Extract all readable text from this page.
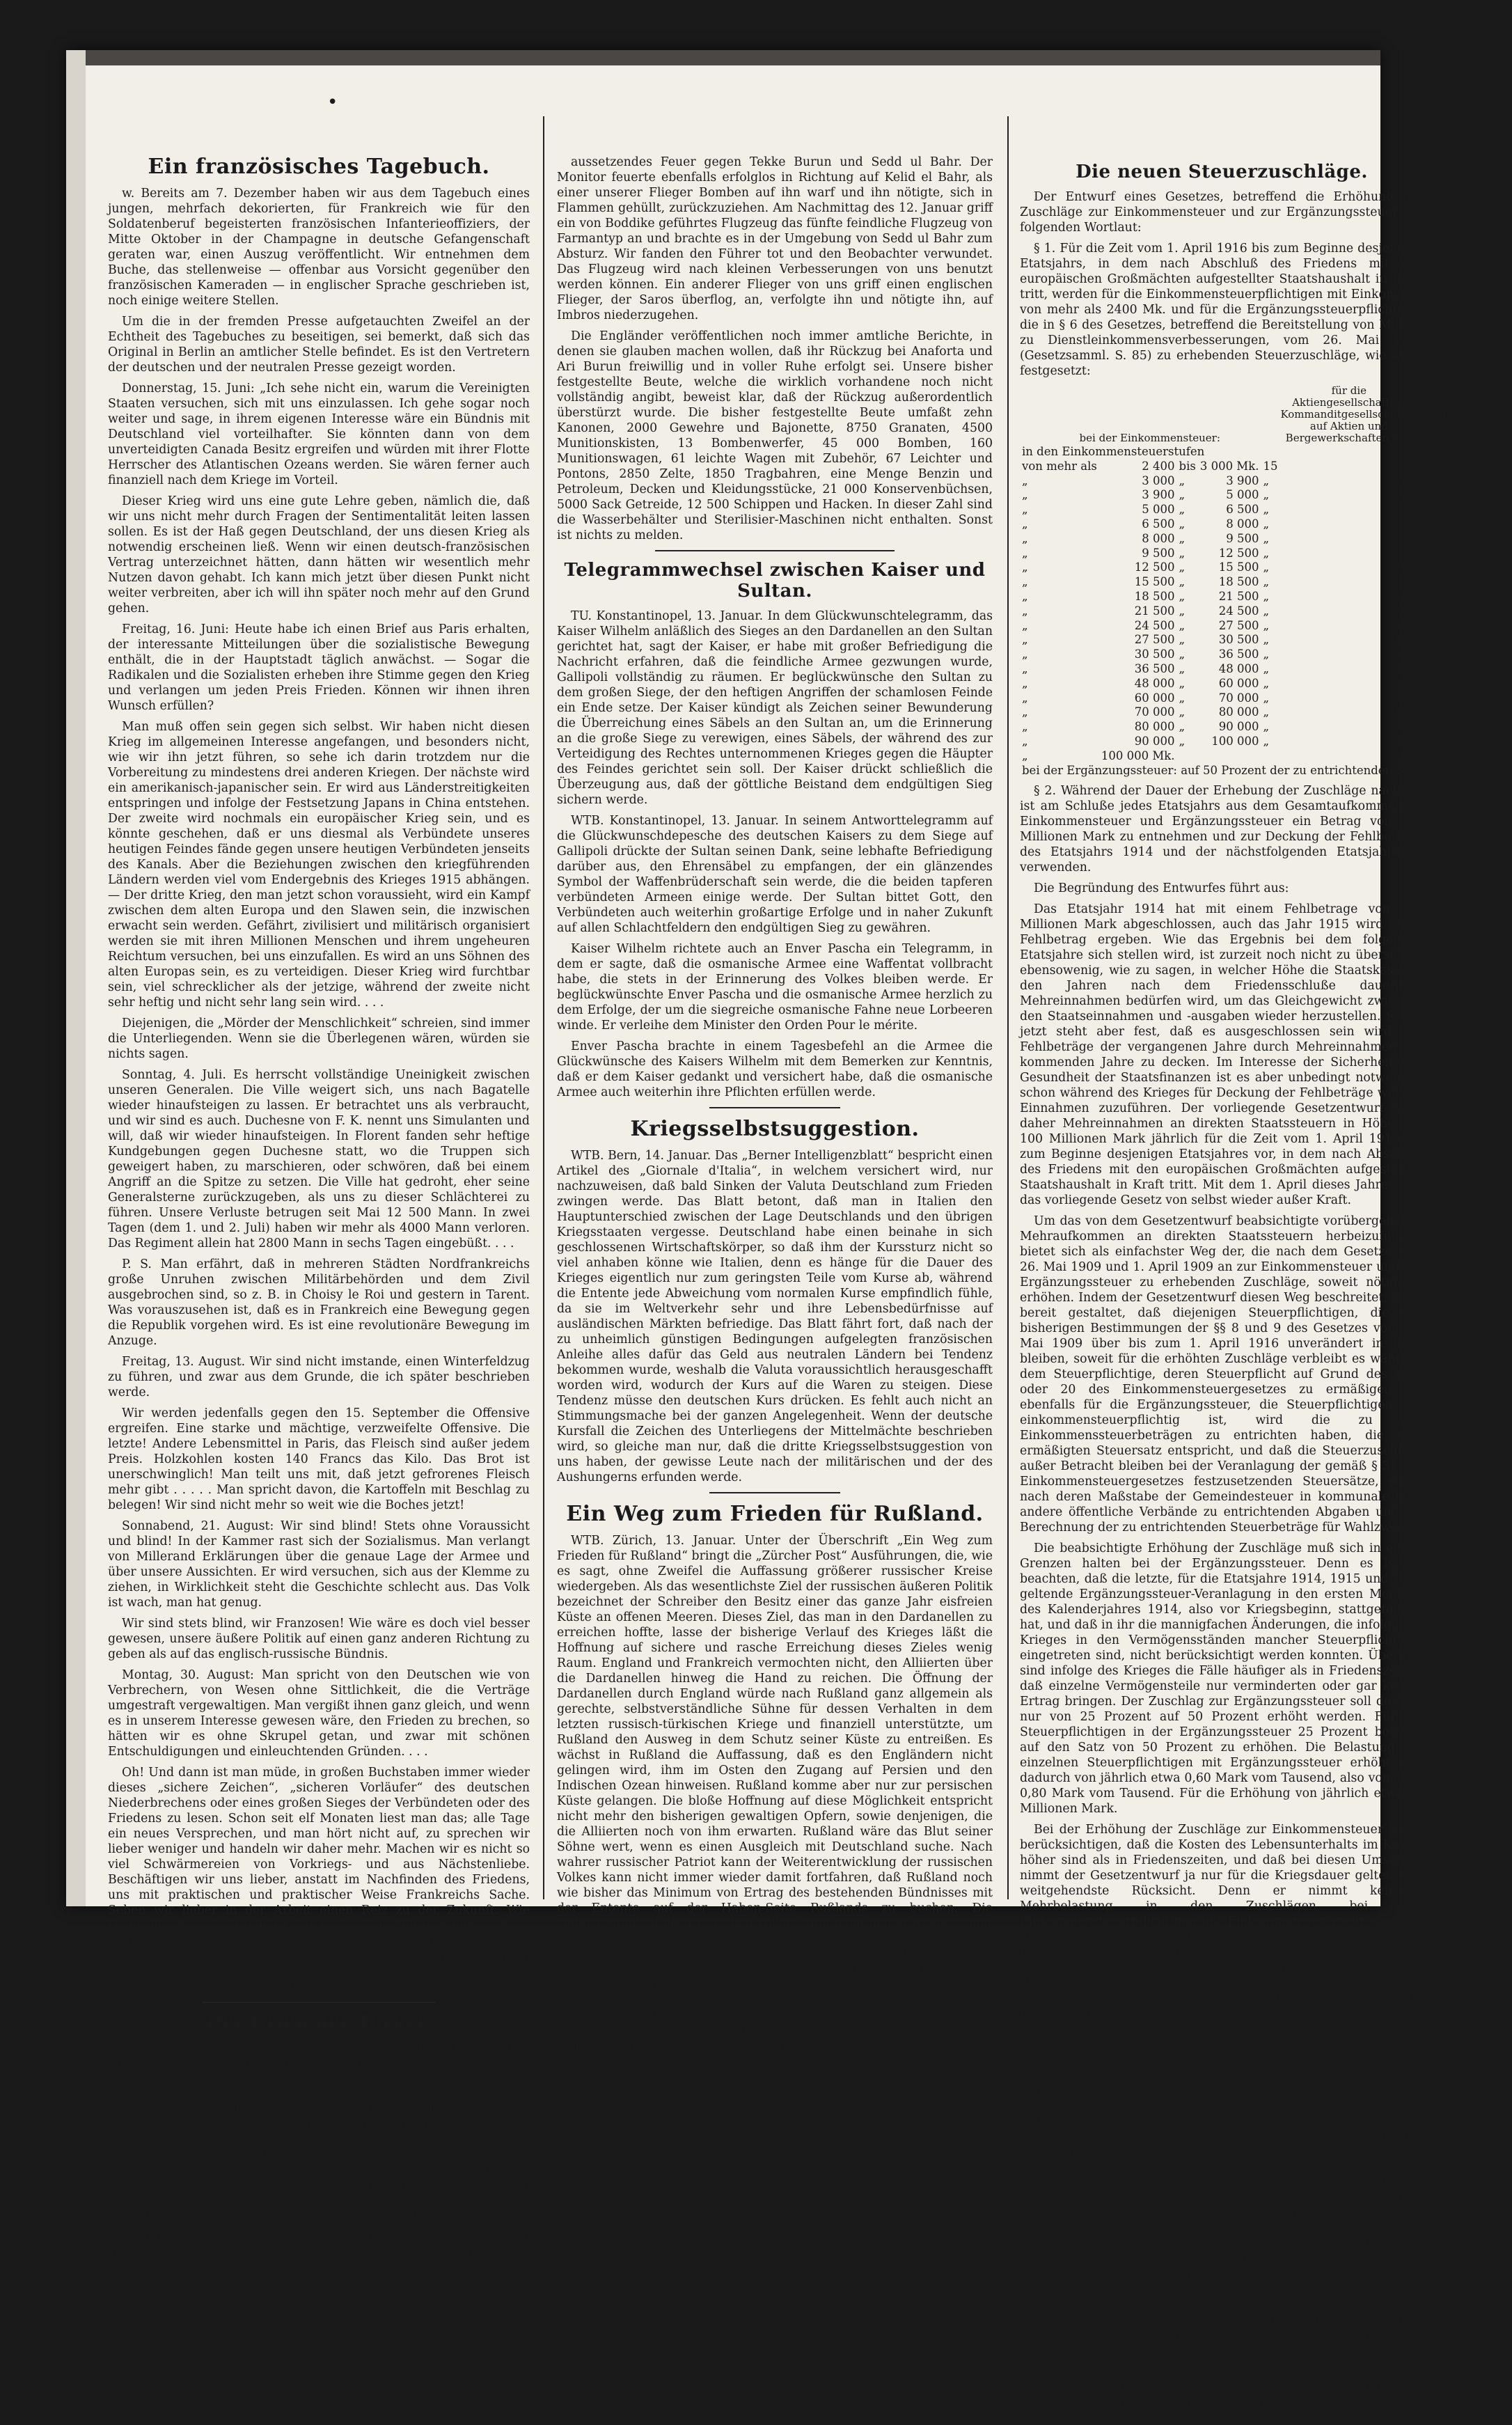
•
Ein französisches Tagebuch.

w. Bereits am 7. Dezember haben wir aus dem Tagebuch eines jungen, mehrfach dekorierten, für Frankreich wie für den Soldatenberuf begeisterten französischen Infanterieoffiziers, der Mitte Oktober in der Champagne in deutsche Gefangenschaft geraten war, einen Auszug veröffentlicht. Wir entnehmen dem Buche, das stellenweise — offenbar aus Vorsicht gegenüber den französischen Kameraden — in englischer Sprache geschrieben ist, noch einige weitere Stellen.

Um die in der fremden Presse aufgetauchten Zweifel an der Echtheit des Tagebuches zu beseitigen, sei bemerkt, daß sich das Original in Berlin an amtlicher Stelle befindet. Es ist den Vertretern der deutschen und der neutralen Presse gezeigt worden.

Donnerstag, 15. Juni: „Ich sehe nicht ein, warum die Vereinigten Staaten versuchen, sich mit uns einzulassen. Ich gehe sogar noch weiter und sage, in ihrem eigenen Interesse wäre ein Bündnis mit Deutschland viel vorteilhafter. Sie könnten dann von dem unverteidigten Canada Besitz ergreifen und würden mit ihrer Flotte Herrscher des Atlantischen Ozeans werden. Sie wären ferner auch finanziell nach dem Kriege im Vorteil.

Dieser Krieg wird uns eine gute Lehre geben, nämlich die, daß wir uns nicht mehr durch Fragen der Sentimentalität leiten lassen sollen. Es ist der Haß gegen Deutschland, der uns diesen Krieg als notwendig erscheinen ließ. Wenn wir einen deutsch-französischen Vertrag unterzeichnet hätten, dann hätten wir wesentlich mehr Nutzen davon gehabt. Ich kann mich jetzt über diesen Punkt nicht weiter verbreiten, aber ich will ihn später noch mehr auf den Grund gehen.

Freitag, 16. Juni: Heute habe ich einen Brief aus Paris erhalten, der interessante Mitteilungen über die sozialistische Bewegung enthält, die in der Hauptstadt täglich anwächst. — Sogar die Radikalen und die Sozialisten erheben ihre Stimme gegen den Krieg und verlangen um jeden Preis Frieden. Können wir ihnen ihren Wunsch erfüllen?

Man muß offen sein gegen sich selbst. Wir haben nicht diesen Krieg im allgemeinen Interesse angefangen, und besonders nicht, wie wir ihn jetzt führen, so sehe ich darin trotzdem nur die Vorbereitung zu mindestens drei anderen Kriegen. Der nächste wird ein amerikanisch-japanischer sein. Er wird aus Länderstreitigkeiten entspringen und infolge der Festsetzung Japans in China entstehen. Der zweite wird nochmals ein europäischer Krieg sein, und es könnte geschehen, daß er uns diesmal als Verbündete unseres heutigen Feindes fände gegen unsere heutigen Verbündeten jenseits des Kanals. Aber die Beziehungen zwischen den kriegführenden Ländern werden viel vom Endergebnis des Krieges 1915 abhängen. — Der dritte Krieg, den man jetzt schon voraussieht, wird ein Kampf zwischen dem alten Europa und den Slawen sein, die inzwischen erwacht sein werden. Gefährt, zivilisiert und militärisch organisiert werden sie mit ihren Millionen Menschen und ihrem ungeheuren Reichtum versuchen, bei uns einzufallen. Es wird an uns Söhnen des alten Europas sein, es zu verteidigen. Dieser Krieg wird furchtbar sein, viel schrecklicher als der jetzige, während der zweite nicht sehr heftig und nicht sehr lang sein wird. . . .

Diejenigen, die „Mörder der Menschlichkeit“ schreien, sind immer die Unterliegenden. Wenn sie die Überlegenen wären, würden sie nichts sagen.

Sonntag, 4. Juli. Es herrscht vollständige Uneinigkeit zwischen unseren Generalen. Die Ville weigert sich, uns nach Bagatelle wieder hinaufsteigen zu lassen. Er betrachtet uns als verbraucht, und wir sind es auch. Duchesne von F. K. nennt uns Simulanten und will, daß wir wieder hinaufsteigen. In Florent fanden sehr heftige Kundgebungen gegen Duchesne statt, wo die Truppen sich geweigert haben, zu marschieren, oder schwören, daß bei einem Angriff an die Spitze zu setzen. Die Ville hat gedroht, eher seine Generalsterne zurückzugeben, als uns zu dieser Schlächterei zu führen. Unsere Verluste betrugen seit Mai 12 500 Mann. In zwei Tagen (dem 1. und 2. Juli) haben wir mehr als 4000 Mann verloren. Das Regiment allein hat 2800 Mann in sechs Tagen eingebüßt. . . .

P. S. Man erfährt, daß in mehreren Städten Nordfrankreichs große Unruhen zwischen Militärbehörden und dem Zivil ausgebrochen sind, so z. B. in Choisy le Roi und gestern in Tarent. Was vorauszusehen ist, daß es in Frankreich eine Bewegung gegen die Republik vorgehen wird. Es ist eine revolutionäre Bewegung im Anzuge.

Freitag, 13. August. Wir sind nicht imstande, einen Winterfeldzug zu führen, und zwar aus dem Grunde, die ich später beschrieben werde.

Wir werden jedenfalls gegen den 15. September die Offensive ergreifen. Eine starke und mächtige, verzweifelte Offensive. Die letzte! Andere Lebensmittel in Paris, das Fleisch sind außer jedem Preis. Holzkohlen kosten 140 Francs das Kilo. Das Brot ist unerschwinglich! Man teilt uns mit, daß jetzt gefrorenes Fleisch mehr gibt . . . . . Man spricht davon, die Kartoffeln mit Beschlag zu belegen! Wir sind nicht mehr so weit wie die Boches jetzt!

Sonnabend, 21. August: Wir sind blind! Stets ohne Voraussicht und blind! In der Kammer rast sich der Sozialismus. Man verlangt von Millerand Erklärungen über die genaue Lage der Armee und über unsere Aussichten. Er wird versuchen, sich aus der Klemme zu ziehen, in Wirklichkeit steht die Geschichte schlecht aus. Das Volk ist wach, man hat genug.

Wir sind stets blind, wir Franzosen! Wie wäre es doch viel besser gewesen, unsere äußere Politik auf einen ganz anderen Richtung zu geben als auf das englisch-russische Bündnis.

Montag, 30. August: Man spricht von den Deutschen wie von Verbrechern, von Wesen ohne Sittlichkeit, die die Verträge umgestraft vergewaltigen. Man vergißt ihnen ganz gleich, und wenn es in unserem Interesse gewesen wäre, den Frieden zu brechen, so hätten wir es ohne Skrupel getan, und zwar mit schönen Entschuldigungen und einleuchtenden Gründen. . . .

Oh! Und dann ist man müde, in großen Buchstaben immer wieder dieses „sichere Zeichen“, „sicheren Vorläufer“ des deutschen Niederbrechens oder eines großen Sieges der Verbündeten oder des Friedens zu lesen. Schon seit elf Monaten liest man das; alle Tage ein neues Versprechen, und man hört nicht auf, zu sprechen wir lieber weniger und handeln wir daher mehr. Machen wir es nicht so viel Schwärmereien von Vorkriegs- und aus Nächstenliebe. Beschäftigen wir uns lieber, anstatt im Nachfinden des Friedens, uns mit praktischen und praktischer Weise Frankreichs Sache. Sehen wir lieber in der Arbeit einen Reiz zu der Zukunft. Wie Deutschland es doch gelehrt hat in der Kriegführung unterrichtet. Werden wir daraus lernen! Lebensführung unterrichtet. Wir bereits an den vorigen zehn Monaten erzwungener Lehrzeit Nutzen gezogen? Aber da ist nichts zu machen, das liegt im französischen Charakter. Wir werden nie anders.“

Der Krieg der Türkei.

WTB. Konstantinopel, 13. Januar, abends. Das Hauptquartier teilt mit: An der Kaukasusfront griff der Feind südlich des Aras-Flusses zwischen Tahir und Wali Baba und nördlich des Aras-Flusses zwischen Keutek und Harman-Engpaß in der Nacht vom 11. Januar zum 12. Januar mit einer bedeutenden Streitmacht unsere vorgeschobenen Stellungen heftig an. Im Zentrum erlitt er eine ernste Niederlage. Auf dem linken Flügel hatte er eine der nach unserer Gegenangriffes die vollständigen Niederlage. Der Feind ließ zahlreiche Tote und Gefangene, eine Menge Waffen und Maschinengewehre zurück. Er wurde in seine alten Stellungen zurückgeworfen. Westlich von Olty in der Zone Aral-Geubidi wurden zwei Angriffe des Feindes in derselben Nacht leicht zurückgewiesen.

Dardanellenfront: Am 12. Januar eröffneten ein Kreuzer, neun Torpedoboote und ein Monitor von den Meerengen zeitweilig

aussetzendes Feuer gegen Tekke Burun und Sedd ul Bahr. Der Monitor feuerte ebenfalls erfolglos in Richtung auf Kelid el Bahr, als einer unserer Flieger Bomben auf ihn warf und ihn nötigte, sich in Flammen gehüllt, zurückzuziehen. Am Nachmittag des 12. Januar griff ein von Boddike geführtes Flugzeug das fünfte feindliche Flugzeug von Farmantyp an und brachte es in der Umgebung von Sedd ul Bahr zum Absturz. Wir fanden den Führer tot und den Beobachter verwundet. Das Flugzeug wird nach kleinen Verbesserungen von uns benutzt werden können. Ein anderer Flieger von uns griff einen englischen Flieger, der Saros überflog, an, verfolgte ihn und nötigte ihn, auf Imbros niederzugehen.

Die Engländer veröffentlichen noch immer amtliche Berichte, in denen sie glauben machen wollen, daß ihr Rückzug bei Anaforta und Ari Burun freiwillig und in voller Ruhe erfolgt sei. Unsere bisher festgestellte Beute, welche die wirklich vorhandene noch nicht vollständig angibt, beweist klar, daß der Rückzug außerordentlich überstürzt wurde. Die bisher festgestellte Beute umfaßt zehn Kanonen, 2000 Gewehre und Bajonette, 8750 Granaten, 4500 Munitionskisten, 13 Bombenwerfer, 45 000 Bomben, 160 Munitionswagen, 61 leichte Wagen mit Zubehör, 67 Leichter und Pontons, 2850 Zelte, 1850 Tragbahren, eine Menge Benzin und Petroleum, Decken und Kleidungsstücke, 21 000 Konservenbüchsen, 5000 Sack Getreide, 12 500 Schippen und Hacken. In dieser Zahl sind die Wasserbehälter und Sterilisier-Maschinen nicht enthalten. Sonst ist nichts zu melden.

Telegrammwechsel zwischen Kaiser und Sultan.

TU. Konstantinopel, 13. Januar. In dem Glückwunschtelegramm, das Kaiser Wilhelm anläßlich des Sieges an den Dardanellen an den Sultan gerichtet hat, sagt der Kaiser, er habe mit großer Befriedigung die Nachricht erfahren, daß die feindliche Armee gezwungen wurde, Gallipoli vollständig zu räumen. Er beglückwünsche den Sultan zu dem großen Siege, der den heftigen Angriffen der schamlosen Feinde ein Ende setze. Der Kaiser kündigt als Zeichen seiner Bewunderung die Überreichung eines Säbels an den Sultan an, um die Erinnerung an die große Siege zu verewigen, eines Säbels, der während des zur Verteidigung des Rechtes unternommenen Krieges gegen die Häupter des Feindes gerichtet sein soll. Der Kaiser drückt schließlich die Überzeugung aus, daß der göttliche Beistand dem endgültigen Sieg sichern werde.

WTB. Konstantinopel, 13. Januar. In seinem Antworttelegramm auf die Glückwunschdepesche des deutschen Kaisers zu dem Siege auf Gallipoli drückte der Sultan seinen Dank, seine lebhafte Befriedigung darüber aus, den Ehrensäbel zu empfangen, der ein glänzendes Symbol der Waffenbrüderschaft sein werde, die die beiden tapferen verbündeten Armeen einige werde. Der Sultan bittet Gott, den Verbündeten auch weiterhin großartige Erfolge und in naher Zukunft auf allen Schlachtfeldern den endgültigen Sieg zu gewähren.

Kaiser Wilhelm richtete auch an Enver Pascha ein Telegramm, in dem er sagte, daß die osmanische Armee eine Waffentat vollbracht habe, die stets in der Erinnerung des Volkes bleiben werde. Er beglückwünschte Enver Pascha und die osmanische Armee herzlich zu dem Erfolge, der um die siegreiche osmanische Fahne neue Lorbeeren winde. Er verleihe dem Minister den Orden Pour le mérite.

Enver Pascha brachte in einem Tagesbefehl an die Armee die Glückwünsche des Kaisers Wilhelm mit dem Bemerken zur Kenntnis, daß er dem Kaiser gedankt und versichert habe, daß die osmanische Armee auch weiterhin ihre Pflichten erfüllen werde.

Kriegsselbstsuggestion.

WTB. Bern, 14. Januar. Das „Berner Intelligenzblatt“ bespricht einen Artikel des „Giornale d'Italia“, in welchem versichert wird, nur nachzuweisen, daß bald Sinken der Valuta Deutschland zum Frieden zwingen werde. Das Blatt betont, daß man in Italien den Hauptunterschied zwischen der Lage Deutschlands und den übrigen Kriegsstaaten vergesse. Deutschland habe einen beinahe in sich geschlossenen Wirtschaftskörper, so daß ihm der Kurssturz nicht so viel anhaben könne wie Italien, denn es hänge für die Dauer des Krieges eigentlich nur zum geringsten Teile vom Kurse ab, während die Entente jede Abweichung vom normalen Kurse empfindlich fühle, da sie im Weltverkehr sehr und ihre Lebensbedürfnisse auf ausländischen Märkten befriedige. Das Blatt fährt fort, daß nach der zu unheimlich günstigen Bedingungen aufgelegten französischen Anleihe alles dafür das Geld aus neutralen Ländern bei Tendenz bekommen wurde, weshalb die Valuta voraussichtlich herausgeschafft worden wird, wodurch der Kurs auf die Waren zu steigen. Diese Tendenz müsse den deutschen Kurs drücken. Es fehlt auch nicht an Stimmungsmache bei der ganzen Angelegenheit. Wenn der deutsche Kursfall die Zeichen des Unterliegens der Mittelmächte beschrieben wird, so gleiche man nur, daß die dritte Kriegsselbstsuggestion von uns haben, der gewisse Leute nach der militärischen und der des Aushungerns erfunden werde.

Ein Weg zum Frieden für Rußland.

WTB. Zürich, 13. Januar. Unter der Überschrift „Ein Weg zum Frieden für Rußland“ bringt die „Zürcher Post“ Ausführungen, die, wie es sagt, ohne Zweifel die Auffassung größerer russischer Kreise wiedergeben. Als das wesentlichste Ziel der russischen äußeren Politik bezeichnet der Schreiber den Besitz einer das ganze Jahr eisfreien Küste an offenen Meeren. Dieses Ziel, das man in den Dardanellen zu erreichen hoffte, lasse der bisherige Verlauf des Krieges läßt die Hoffnung auf sichere und rasche Erreichung dieses Zieles wenig Raum. England und Frankreich vermochten nicht, den Alliierten über die Dardanellen hinweg die Hand zu reichen. Die Öffnung der Dardanellen durch England würde nach Rußland ganz allgemein als gerechte, selbstverständliche Sühne für dessen Verhalten in dem letzten russisch-türkischen Kriege und finanziell unterstützte, um Rußland den Ausweg in dem Schutz seiner Küste zu entreißen. Es wächst in Rußland die Auffassung, daß es den Engländern nicht gelingen wird, ihm im Osten den Zugang auf Persien und den Indischen Ozean hinweisen. Rußland komme aber nur zur persischen Küste gelangen. Die bloße Hoffnung auf diese Möglichkeit entspricht nicht mehr den bisherigen gewaltigen Opfern, sowie denjenigen, die die Alliierten noch von ihm erwarten. Rußland wäre das Blut seiner Söhne wert, wenn es einen Ausgleich mit Deutschland suche. Nach wahrer russischer Patriot kann der Weiterentwicklung der russischen Volkes kann nicht immer wieder damit fortfahren, daß Rußland noch wie bisher das Minimum von Ertrag des bestehenden Bündnisses mit der Entente auf der Haben-Seite Rußlands zu buchen. Die Opferfreudigkeit des russischen Volkes kann nicht immer wieder damit gewonnen werden, daß die Alliierten erklären, nur gemeinsam nach Erreichung des gemeinsamen Zieles Frieden zu schließen, um so weniger, als der Inhalt der Londoner Abmachung nicht bekannt ist, und soweit er Rußland an den persischen Küste fuß zu fassen, wäre unseres Erachtens die Möglichkeit einer rascheren Beendigung des Krieges bedeutend näher gerückt. Damit wäre die Erfüllung des jahrhundertelangen Dranges Rußlands nach dem Meere gegeben, und damit könnte auch ein Friede mit Deutschland die organische Motiv der Kriegshandlung für Rußland wegfallen.

Die neuen Steuerzuschläge.

Der Entwurf eines Gesetzes, betreffend die Erhöhung der Zuschläge zur Einkommensteuer und zur Ergänzungssteuer hat folgenden Wortlaut:

§ 1. Für die Zeit vom 1. April 1916 bis zum Beginne desjenigen Etatsjahrs, in dem nach Abschluß des Friedens mit den europäischen Großmächten aufgestellter Staatshaushalt in Kraft tritt, werden für die Einkommensteuerpflichtigen mit Einkommen von mehr als 2400 Mk. und für die Ergänzungssteuerpflichtigen die in § 6 des Gesetzes, betreffend die Bereitstellung von Mitteln zu Dienstleinkommensverbesserungen, vom 26. Mai 1909 (Gesetzsamml. S. 85) zu erhebenden Steuerzuschläge, wie folgt, festgesetzt:

bei der Einkommensteuer:					für die Aktiengesellschaften, Kommanditgesellschaften auf Aktien und Bergewerkschaften auf:	für die sonstigen Steuerpflichtigen auf:
in den Einkommensteuerstufen						
von mehr als	2 400	bis	3 000 Mk.	15	8	
„	3 000	„	3 900	„	25	12
„	3 900	„	5 000	„	25	16
„	5 000	„	6 500	„	30	20
„	6 500	„	8 000	„	35	25
„	8 000	„	9 500	„	40	30
„	9 500	„	12 500	„	50	35
„	12 500	„	15 500	„	60	40
„	15 500	„	18 500	„	70	45
„	18 500	„	21 500	„	80	50
„	21 500	„	24 500	„	90	55
„	24 500	„	27 500	„	100	60
„	27 500	„	30 500	„	110	65
„	30 500	„	36 500	„	120	70
„	36 500	„	48 000	„	130	75
„	48 000	„	60 000	„	140	80
„	60 000	„	70 000	„	140	85
„	70 000	„	80 000	„	150	90
„	80 000	„	90 000	„	150	95
„	90 000	„	100 000	„	150	95
„	100 000 Mk.				160	100
bei der Ergänzungssteuer: auf 50 Prozent der zu entrichtenden Steuer.						

§ 2. Während der Dauer der Erhebung der Zuschläge nach § 1 ist am Schluße jedes Etatsjahrs aus dem Gesamtaufkommen an Einkommensteuer und Ergänzungssteuer ein Betrag von 100 Millionen Mark zu entnehmen und zur Deckung der Fehlbeträge des Etatsjahrs 1914 und der nächstfolgenden Etatsjahre zu verwenden.

Die Begründung des Entwurfes führt aus:

Das Etatsjahr 1914 hat mit einem Fehlbetrage von 116 Millionen Mark abgeschlossen, auch das Jahr 1915 wird einen Fehlbetrag ergeben. Wie das Ergebnis bei dem folgenden Etatsjahre sich stellen wird, ist zurzeit noch nicht zu übersehen, ebensowenig, wie zu sagen, in welcher Höhe die Staatskasse in den Jahren nach dem Friedensschluße dauernder Mehreinnahmen bedürfen wird, um das Gleichgewicht zwischen den Staatseinnahmen und -ausgaben wieder herzustellen. Schon jetzt steht aber fest, daß es ausgeschlossen sein wird, die Fehlbeträge der vergangenen Jahre durch Mehreinnahmen der kommenden Jahre zu decken. Im Interesse der Sicherheit und Gesundheit der Staatsfinanzen ist es aber unbedingt notwendig, schon während des Krieges für Deckung der Fehlbeträge weitere Einnahmen zuzuführen. Der vorliegende Gesetzentwurf sieht daher Mehreinnahmen an direkten Staatssteuern in Höhe von 100 Millionen Mark jährlich für die Zeit vom 1. April 1916 bis zum Beginne desjenigen Etatsjahres vor, in dem nach Abschluß des Friedens mit den europäischen Großmächten aufgestellter Staatshaushalt in Kraft tritt. Mit dem 1. April dieses Jahres tritt das vorliegende Gesetz von selbst wieder außer Kraft.

Um das von dem Gesetzentwurf beabsichtigte vorübergehende Mehraufkommen an direkten Staatssteuern herbeizuführen, bietet sich als einfachster Weg der, die nach dem Gesetze vom 26. Mai 1909 und 1. April 1909 an zur Einkommensteuer und zur Ergänzungssteuer zu erhebenden Zuschläge, soweit nötig, zu erhöhen. Indem der Gesetzentwurf diesen Weg beschreitet, ist er bereit gestaltet, daß diejenigen Steuerpflichtigen, die den bisherigen Bestimmungen der §§ 8 und 9 des Gesetzes vom 26. Mai 1909 über bis zum 1. April 1916 unverändert in Kraft bleiben, soweit für die erhöhten Zuschläge verbleibt es während dem Steuerpflichtige, deren Steuerpflicht auf Grund des § 19 oder 20 des Einkommensteuergesetzes zu ermäßigen ist; ebenfalls für die Ergänzungssteuer, die Steuerpflichtigen, die einkommensteuerpflichtig ist, wird die zu den Einkommenssteuerbeträgen zu entrichten haben, die dem ermäßigten Steuersatz entspricht, und daß die Steuerzuschläge außer Betracht bleiben bei der Veranlagung der gemäß § 31 des Einkommensteuergesetzes festzusetzenden Steuersätze, sowie nach deren Maßstabe der Gemeindesteuer in kommunale oder andere öffentliche Verbände zu entrichtenden Abgaben und bei Berechnung der zu entrichtenden Steuerbeträge für Wahlzwecke.

Die beabsichtigte Erhöhung der Zuschläge muß sich in engen Grenzen halten bei der Ergänzungssteuer. Denn es ist zu beachten, daß die letzte, für die Etatsjahre 1914, 1915 und 1916 geltende Ergänzungssteuer-Veranlagung in den ersten Monaten des Kalenderjahres 1914, also vor Kriegsbeginn, stattgefunden hat, und daß in ihr die mannigfachen Änderungen, die infolge des Krieges in den Vermögensständen mancher Steuerpflichtigen eingetreten sind, nicht berücksichtigt werden konnten. Überdies sind infolge des Krieges die Fälle häufiger als in Friedenszeiten, daß einzelne Vermögensteile nur verminderten oder gar keinen Ertrag bringen. Der Zuschlag zur Ergänzungssteuer soll deshalb nur von 25 Prozent auf 50 Prozent erhöht werden. Für die Steuerpflichtigen in der Ergänzungssteuer 25 Prozent beträgt, auf den Satz von 50 Prozent zu erhöhen. Die Belastung der einzelnen Steuerpflichtigen mit Ergänzungssteuer erhöht sich dadurch von jährlich etwa 0,60 Mark vom Tausend, also von etwa 0,80 Mark vom Tausend. Für die Erhöhung von jährlich etwa 15 Millionen Mark.

Bei der Erhöhung der Zuschläge zur Einkommensteuer ist zu berücksichtigen, daß die Kosten des Lebensunterhalts im Kriege höher sind als in Friedenszeiten, und daß bei diesen Umstande nimmt der Gesetzentwurf ja nur für die Kriegsdauer gelten soll, weitgehendste Rücksicht. Denn er nimmt keinerlei Mehrbelastung in den Zuschlägen bei den Einkommensteuerpflichtigen mit Einkommen von mehr als 2400 Mark. Für diese Steuerpflichtigen, und zwar sowohl für die physischen, wie für die nichtphysischen Personen, bewendet es daher bei den Steuerzuschlägen in der durch das Gesetz vom 26. Mai 1909 bestimmten Höhe. Die Erhöhung der Zuschläge soll erst beginnen in der Einkommensteuerstufe von mehr als 2400 bis 3000 Mark. Für die physischen Personen, in der untersten Stufe 15 Prozent auf 8 Prozent erhöht werden. Für die Aktiengesellschaften und die Konsumvereine nämlich anstatt bisheriger 8 Prozent auf 15 Prozent und steigt in der Einkommensteuerstufe von mehr als 100 000 Mark ... Für die Erhöhung der Zuschläge nur langsam weiter an, so daß jene Stufen, die mit den Einkommensteuerstufen von mehr als 100 000 Mark sollen die Zuschläge anstatt der bisherigen 25 Prozent mit 160 Prozent zu erheben sein. Die Belastung der Steuerpflichtigen mit mehr als 100 000 Mark Einkommen, die bisher 5 Prozent des Einkommens ausmachte, wird hiernach in Zukunft bis zu 8 Prozent für die physischen Personen, für die Aktiengesellschaften und ähnlichen Genossenschaften steigen. Die bisherigen Einkommensteuerzuschläge der physischen Personen und der Genossenschaften und Konsumvereine betragen 5, 10, 15, 20 und 25 Prozent. Auch in dem vorliegenden Gesetzentwurf ist das Aufsteigen der Zuschlagssätze um je 5 Prozent vorgesehen, so daß der Unterschied zwischen den einzelnen Zuschlagssätzen bei der Einkommensteuer niemals mehr als 5 Prozent beträgt. Denn jede Erhöhung dieses Unterschieds würde zu großen Sprüngen in den einzelnen Einkommensteuerstufen führen. Die bisherigen Zuschläge für die nichtphysischen Personen betragen 20 Prozent.

Für die Bemessung der Zuschläge für die Aktiengesellschaften, Kommanditgesellschaften auf Aktien und Bergewerkschaften ist zu berücksichtigen, daß die Einkommen dieser Arten nichtphysischer Personen seit dem 1. April 1909 höher
